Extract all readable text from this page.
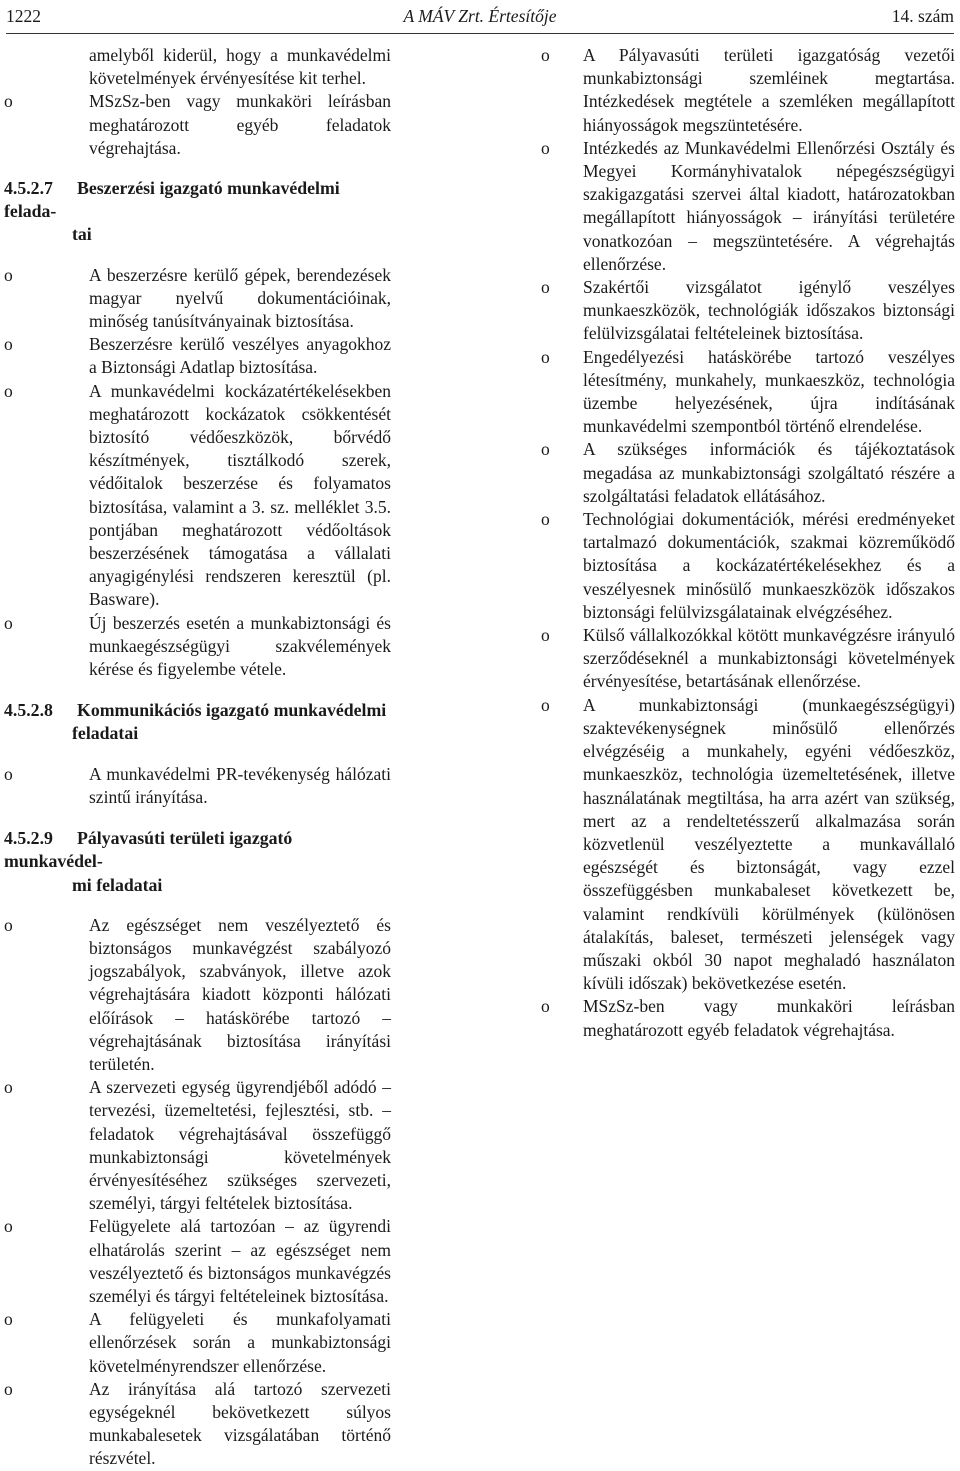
1222	A MÁV Zrt. Értesítője	14. szám
amelyből kiderül, hogy a munkavédelmi követelmények érvényesítése kit terhel.
o	MSzSz-ben vagy munkaköri leírásban meghatározott egyéb feladatok végrehajtása.
4.5.2.7 Beszerzési igazgató munkavédelmi felada-
tai
o	A beszerzésre kerülő gépek, berendezések magyar nyelvű dokumentációinak, minőség tanúsítványainak biztosítása.
o	Beszerzésre kerülő veszélyes anyagokhoz a Biztonsági Adatlap biztosítása.
o	A munkavédelmi kockázatértékelésekben meghatározott kockázatok csökkentését biztosító védőeszközök, bőrvédő készítmények, tisztálkodó szerek, védőitalok beszerzése és folyamatos biztosítása, valamint a 3. sz. melléklet 3.5. pontjában meghatározott védőoltások beszerzésének támogatása a vállalati anyagigénylési rendszeren keresztül (pl. Basware).
o	Új beszerzés esetén a munkabiztonsági és munkaegészségügyi szakvélemények kérése és figyelembe vétele.
4.5.2.8 Kommunikációs igazgató munkavédelmi
feladatai
o	A munkavédelmi PR-tevékenység hálózati szintű irányítása.
4.5.2.9 Pályavasúti területi igazgató munkavédel-
mi feladatai
o	Az egészséget nem veszélyeztető és biztonságos munkavégzést szabályozó jogszabályok, szabványok, illetve azok végrehajtására kiadott központi hálózati előírások – hatáskörébe tartozó – végrehajtásának biztosítása irányítási területén.
o	A szervezeti egység ügyrendjéből adódó – tervezési, üzemeltetési, fejlesztési, stb. – feladatok végrehajtásával összefüggő munkabiztonsági követelmények érvényesítéséhez szükséges szervezeti, személyi, tárgyi feltételek biztosítása.
o	Felügyelete alá tartozóan – az ügyrendi elhatárolás szerint – az egészséget nem veszélyeztető és biztonságos munkavégzés személyi és tárgyi feltételeinek biztosítása.
o	A felügyeleti és munkafolyamati ellenőrzések során a munkabiztonsági követelményrendszer ellenőrzése.
o	Az irányítása alá tartozó szervezeti egységeknél bekövetkezett súlyos munkabalesetek vizsgálatában történő részvétel.
o A Pályavasúti területi igazgatóság vezetői munkabiztonsági szemléinek megtartása. Intézkedések megtétele a szemléken megállapított hiányosságok megszüntetésére.
o Intézkedés az Munkavédelmi Ellenőrzési Osztály és Megyei Kormányhivatalok népegészségügyi szakigazgatási szervei által kiadott, határozatokban megállapított hiányosságok – irányítási területére vonatkozóan – megszüntetésére. A végrehajtás ellenőrzése.
o Szakértői vizsgálatot igénylő veszélyes munkaeszközök, technológiák időszakos biztonsági felülvizsgálatai feltételeinek biztosítása.
o Engedélyezési hatáskörébe tartozó veszélyes létesítmény, munkahely, munkaeszköz, technológia üzembe helyezésének, újra indításának munkavédelmi szempontból történő elrendelése.
o A szükséges információk és tájékoztatások megadása az munkabiztonsági szolgáltató részére a szolgáltatási feladatok ellátásához.
o Technológiai dokumentációk, mérési eredményeket tartalmazó dokumentációk, szakmai közreműködő biztosítása a kockázatértékelésekhez és a veszélyesnek minősülő munkaeszközök időszakos biztonsági felülvizsgálatainak elvégzéséhez.
o Külső vállalkozókkal kötött munkavégzésre irányuló szerződéseknél a munkabiztonsági követelmények érvényesítése, betartásának ellenőrzése.
o A munkabiztonsági (munkaegészségügyi) szaktevékenységnek minősülő ellenőrzés elvégzéséig a munkahely, egyéni védőeszköz, munkaeszköz, technológia üzemeltetésének, illetve használatának megtiltása, ha arra azért van szükség, mert az a rendeltetésszerű alkalmazása során közvetlenül veszélyeztette a munkavállaló egészségét és biztonságát, vagy ezzel összefüggésben munkabaleset következett be, valamint rendkívüli körülmények (különösen átalakítás, baleset, természeti jelenségek vagy műszaki okból 30 napot meghaladó használaton kívüli időszak) bekövetkezése esetén.
o MSzSz-ben vagy munkaköri leírásban meghatározott egyéb feladatok végrehajtása.
